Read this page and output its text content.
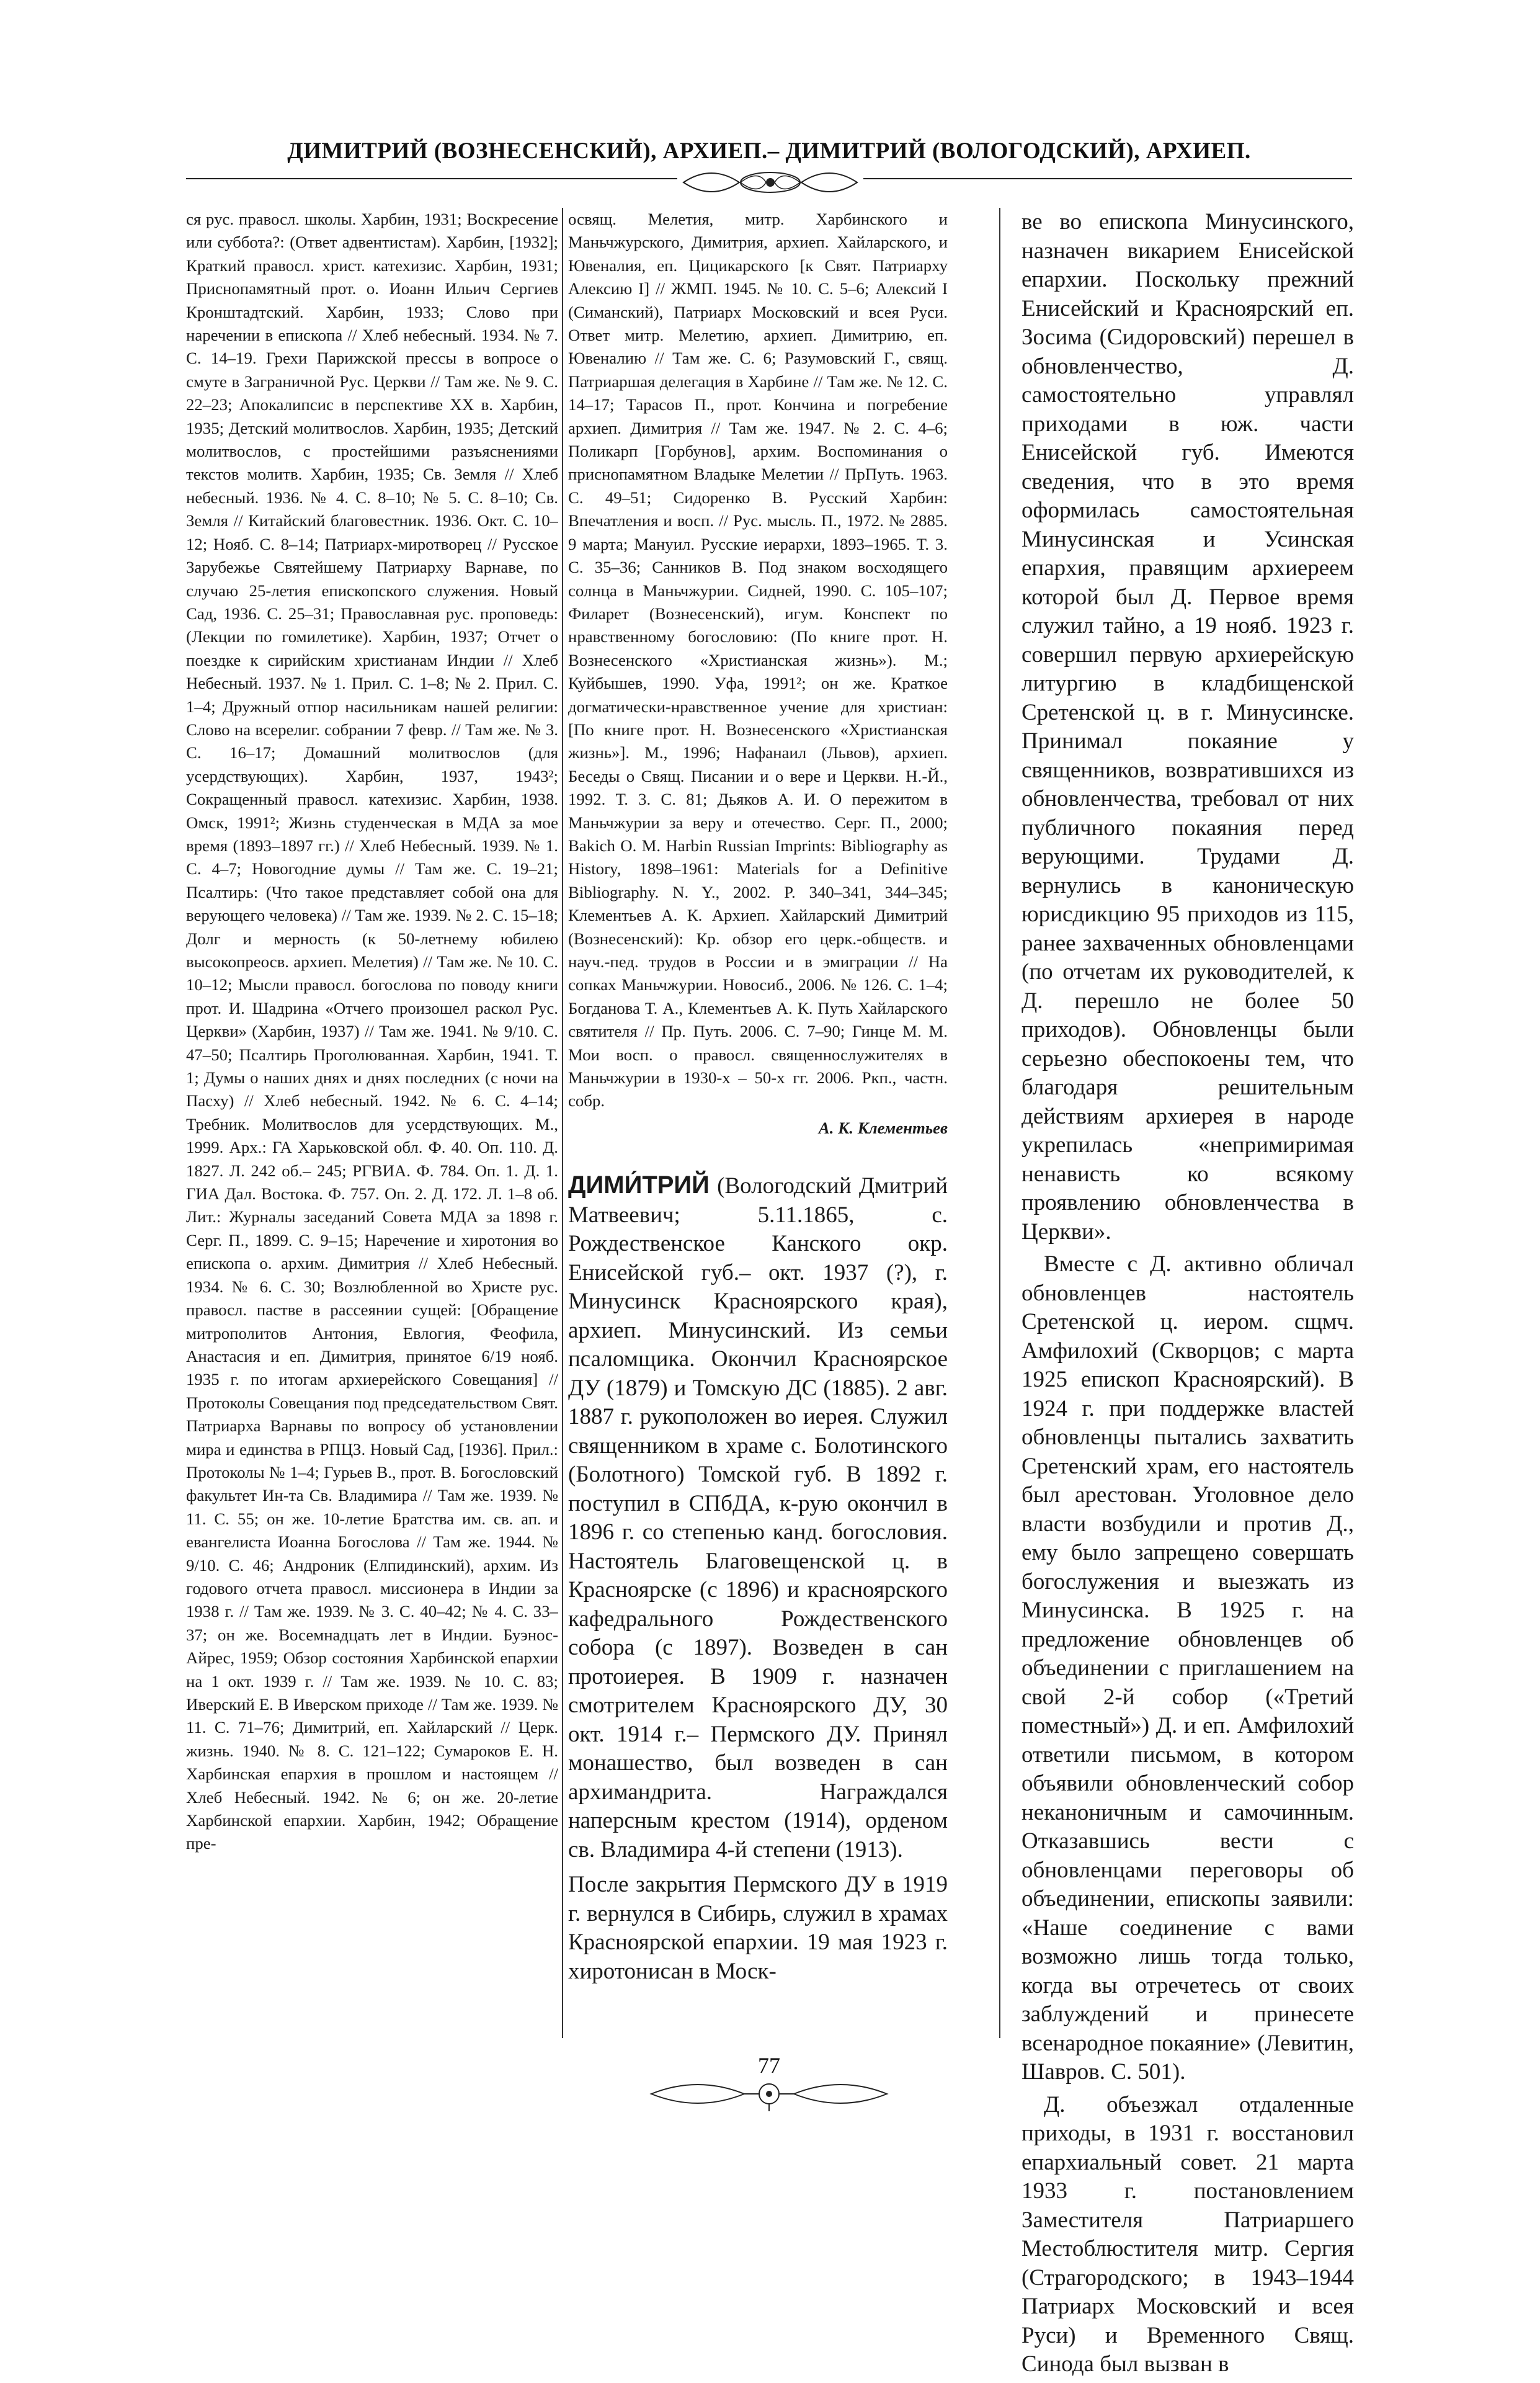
ДИМИТРИЙ (ВОЗНЕСЕНСКИЙ), АРХИЕП.– ДИМИТРИЙ (ВОЛОГОДСКИЙ), АРХИЕП.

ся рус. правосл. школы. Харбин, 1931; Воскресение или суббота?: (Ответ адвентистам). Харбин, [1932]; Краткий правосл. христ. катехизис. Харбин, 1931; Приснопамятный прот. о. Иоанн Ильич Сергиев Кронштадтский. Харбин, 1933; Слово при наречении в епископа // Хлеб небесный. 1934. № 7. С. 14–19. Грехи Парижской прессы в вопросе о смуте в Заграничной Рус. Церкви // Там же. № 9. С. 22–23; Апокалипсис в перспективе XX в. Харбин, 1935; Детский молитвослов. Харбин, 1935; Детский молитвослов, с простейшими разъяснениями текстов молитв. Харбин, 1935; Св. Земля // Хлеб небесный. 1936. № 4. С. 8–10; № 5. С. 8–10; Св. Земля // Китайский благовестник. 1936. Окт. С. 10–12; Нояб. С. 8–14; Патриарх-миротворец // Русское Зарубежье Святейшему Патриарху Варнаве, по случаю 25-летия епископского служения. Новый Сад, 1936. С. 25–31; Православная рус. проповедь: (Лекции по гомилетике). Харбин, 1937; Отчет о поездке к сирийским христианам Индии // Хлеб Небесный. 1937. № 1. Прил. С. 1–8; № 2. Прил. С. 1–4; Дружный отпор насильникам нашей религии: Слово на всерелиг. собрании 7 февр. // Там же. № 3. С. 16–17; Домашний молитвослов (для усердствующих). Харбин, 1937, 1943²; Сокращенный правосл. катехизис. Харбин, 1938. Омск, 1991²; Жизнь студенческая в МДА за мое время (1893–1897 гг.) // Хлеб Небесный. 1939. № 1. С. 4–7; Новогодние думы // Там же. С. 19–21; Псалтирь: (Что такое представляет собой она для верующего человека) // Там же. 1939. № 2. С. 15–18; Долг и мерность (к 50-летнему юбилею высокопреосв. архиеп. Мелетия) // Там же. № 10. С. 10–12; Мысли правосл. богослова по поводу книги прот. И. Шадрина «Отчего произошел раскол Рус. Церкви» (Харбин, 1937) // Там же. 1941. № 9/10. С. 47–50; Псалтирь Проголюванная. Харбин, 1941. Т. 1; Думы о наших днях и днях последних (с ночи на Пасху) // Хлеб небесный. 1942. № 6. С. 4–14; Требник. Молитвослов для усердствующих. М., 1999. Арх.: ГА Харьковской обл. Ф. 40. Оп. 110. Д. 1827. Л. 242 об.– 245; РГВИА. Ф. 784. Оп. 1. Д. 1. ГИА Дал. Востока. Ф. 757. Оп. 2. Д. 172. Л. 1–8 об. Лит.: Журналы заседаний Совета МДА за 1898 г. Серг. П., 1899. С. 9–15; Наречение и хиротония во епископа о. архим. Димитрия // Хлеб Небесный. 1934. № 6. С. 30; Возлюбленной во Христе рус. правосл. пастве в рассеянии сущей: [Обращение митрополитов Антония, Евлогия, Феофила, Анастасия и еп. Димитрия, принятое 6/19 нояб. 1935 г. по итогам архиерейского Совещания] // Протоколы Совещания под председательством Свят. Патриарха Варнавы по вопросу об установлении мира и единства в РПЦЗ. Новый Сад, [1936]. Прил.: Протоколы № 1–4; Гурьев В., прот. В. Богословский факультет Ин-та Св. Владимира // Там же. 1939. № 11. С. 55; он же. 10-летие Братства им. св. ап. и евангелиста Иоанна Богослова // Там же. 1944. № 9/10. С. 46; Андроник (Елпидинский), архим. Из годового отчета правосл. миссионера в Индии за 1938 г. // Там же. 1939. № 3. С. 40–42; № 4. С. 33–37; он же. Восемнадцать лет в Индии. Буэнос-Айрес, 1959; Обзор состояния Харбинской епархии на 1 окт. 1939 г. // Там же. 1939. № 10. С. 83; Иверский Е. В Иверском приходе // Там же. 1939. № 11. С. 71–76; Димитрий, еп. Хайларский // Церк. жизнь. 1940. № 8. С. 121–122; Сумароков Е. Н. Харбинская епархия в прошлом и настоящем // Хлеб Небесный. 1942. № 6; он же. 20-летие Харбинской епархии. Харбин, 1942; Обращение пре-

освящ. Мелетия, митр. Харбинского и Маньчжурского, Димитрия, архиеп. Хайларского, и Ювеналия, еп. Цицикарского [к Свят. Патриарху Алексию I] // ЖМП. 1945. № 10. С. 5–6; Алексий I (Симанский), Патриарх Московский и всея Руси. Ответ митр. Мелетию, архиеп. Димитрию, еп. Ювеналию // Там же. С. 6; Разумовский Г., свящ. Патриаршая делегация в Харбине // Там же. № 12. С. 14–17; Тарасов П., прот. Кончина и погребение архиеп. Димитрия // Там же. 1947. № 2. С. 4–6; Поликарп [Горбунов], архим. Воспоминания о приснопамятном Владыке Мелетии // ПрПуть. 1963. С. 49–51; Сидоренко В. Русский Харбин: Впечатления и восп. // Рус. мысль. П., 1972. № 2885. 9 марта; Мануил. Русские иерархи, 1893–1965. Т. 3. С. 35–36; Санников В. Под знаком восходящего солнца в Маньчжурии. Сидней, 1990. С. 105–107; Филарет (Вознесенский), игум. Конспект по нравственному богословию: (По книге прот. Н. Вознесенского «Христианская жизнь»). М.; Куйбышев, 1990. Уфа, 1991²; он же. Краткое догматически-нравственное учение для христиан: [По книге прот. Н. Вознесенского «Христианская жизнь»]. М., 1996; Нафанаил (Львов), архиеп. Беседы о Свящ. Писании и о вере и Церкви. Н.-Й., 1992. Т. 3. С. 81; Дьяков А. И. О пережитом в Маньчжурии за веру и отечество. Серг. П., 2000; Bakich O. M. Harbin Russian Imprints: Bibliography as History, 1898–1961: Materials for a Definitive Bibliography. N. Y., 2002. P. 340–341, 344–345; Клементьев А. К. Архиеп. Хайларский Димитрий (Вознесенский): Кр. обзор его церк.-обществ. и науч.-пед. трудов в России и в эмиграции // На сопках Маньчжурии. Новосиб., 2006. № 126. С. 1–4; Богданова Т. А., Клементьев А. К. Путь Хайларского святителя // Пр. Путь. 2006. С. 7–90; Гинце М. М. Мои восп. о правосл. священнослужителях в Маньчжурии в 1930-х – 50-х гг. 2006. Ркп., частн. собр.

А. К. Клементьев

ДИМИ́ТРИЙ (Вологодский Дмитрий Матвеевич; 5.11.1865, с. Рождественское Канского окр. Енисейской губ.– окт. 1937 (?), г. Минусинск Красноярского края), архиеп. Минусинский. Из семьи псаломщика. Окончил Красноярское ДУ (1879) и Томскую ДС (1885). 2 авг. 1887 г. рукоположен во иерея. Служил священником в храме с. Болотинского (Болотного) Томской губ. В 1892 г. поступил в СПбДА, к-рую окончил в 1896 г. со степенью канд. богословия. Настоятель Благовещенской ц. в Красноярске (с 1896) и красноярского кафедрального Рождественского собора (с 1897). Возведен в сан протоиерея. В 1909 г. назначен смотрителем Красноярского ДУ, 30 окт. 1914 г.– Пермского ДУ. Принял монашество, был возведен в сан архимандрита. Награждался наперсным крестом (1914), орденом св. Владимира 4-й степени (1913).

После закрытия Пермского ДУ в 1919 г. вернулся в Сибирь, служил в храмах Красноярской епархии. 19 мая 1923 г. хиротонисан в Моск-

ве во епископа Минусинского, назначен викарием Енисейской епархии. Поскольку прежний Енисейский и Красноярский еп. Зосима (Сидоровский) перешел в обновленчество, Д. самостоятельно управлял приходами в юж. части Енисейской губ. Имеются сведения, что в это время оформилась самостоятельная Минусинская и Усинская епархия, правящим архиереем которой был Д. Первое время служил тайно, а 19 нояб. 1923 г. совершил первую архиерейскую литургию в кладбищенской Сретенской ц. в г. Минусинске. Принимал покаяние у священников, возвратившихся из обновленчества, требовал от них публичного покаяния перед верующими. Трудами Д. вернулись в каноническую юрисдикцию 95 приходов из 115, ранее захваченных обновленцами (по отчетам их руководителей, к Д. перешло не более 50 приходов). Обновленцы были серьезно обеспокоены тем, что благодаря решительным действиям архиерея в народе укрепилась «непримиримая ненависть ко всякому проявлению обновленчества в Церкви».

Вместе с Д. активно обличал обновленцев настоятель Сретенской ц. иером. сщмч. Амфилохий (Скворцов; с марта 1925 епископ Красноярский). В 1924 г. при поддержке властей обновленцы пытались захватить Сретенский храм, его настоятель был арестован. Уголовное дело власти возбудили и против Д., ему было запрещено совершать богослужения и выезжать из Минусинска. В 1925 г. на предложение обновленцев об объединении с приглашением на свой 2-й собор («Третий поместный») Д. и еп. Амфилохий ответили письмом, в котором объявили обновленческий собор неканоничным и самочинным. Отказавшись вести с обновленцами переговоры об объединении, епископы заявили: «Наше соединение с вами возможно лишь тогда только, когда вы отречетесь от своих заблуждений и принесете всенародное покаяние» (Левитин, Шавров. С. 501).

Д. объезжал отдаленные приходы, в 1931 г. восстановил епархиальный совет. 21 марта 1933 г. постановлением Заместителя Патриаршего Местоблюстителя митр. Сергия (Страгородского; в 1943–1944 Патриарх Московский и всея Руси) и Временного Свящ. Синода был вызван в

77
